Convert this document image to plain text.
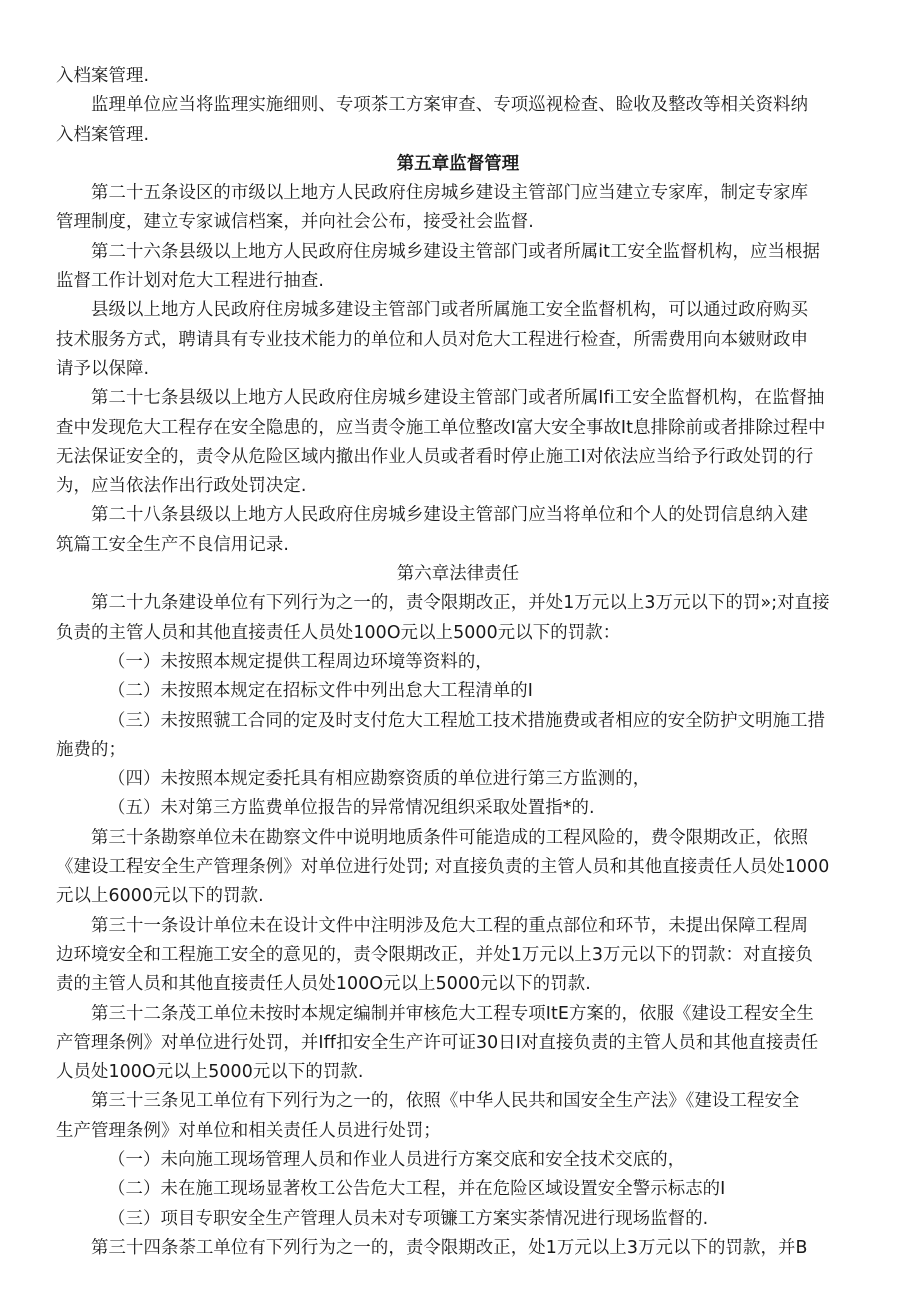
入档案管理.
监理单位应当将监理实施细则、专项茶工方案审查、专项巡视检查、睑收及整改等相关资料纳
入档案管理.
第五章监督管理
第二十五条设区的市级以上地方人民政府住房城乡建设主管部门应当建立专家库，制定专家库
管理制度，建立专家诚信档案，并向社会公布，接受社会监督.
第二十六条县级以上地方人民政府住房城乡建设主管部门或者所属it工安全监督机构，应当根据
监督工作计划对危大工程进行抽查.
县级以上地方人民政府住房城多建设主管部门或者所属施工安全监督机构，可以通过政府购买
技术服务方式，聘请具有专业技术能力的单位和人员对危大工程进行检查，所需费用向本皴财政申
请予以保障.
第二十七条县级以上地方人民政府住房城乡建设主管部门或者所属Ifi工安全监督机构，在监督抽
查中发现危大工程存在安全隐患的，应当责令施工单位整改I富大安全事故It息排除前或者排除过程中
无法保证安全的，责令从危险区域内撤出作业人员或者看时停止施工I对依法应当给予行政处罚的行
为，应当依法作出行政处罚决定.
第二十八条县级以上地方人民政府住房城乡建设主管部门应当将单位和个人的处罚信息纳入建
筑篇工安全生产不良信用记录.
第六章法律责任
第二十九条建设单位有下列行为之一的，责令限期改正，并处1万元以上3万元以下的罚»;对直接
负责的主管人员和其他直接责任人员处100O元以上5000元以下的罚款：
（一）未按照本规定提供工程周边环境等资料的，
（二）未按照本规定在招标文件中列出怠大工程清单的I
（三）未按照虢工合同的定及时支付危大工程尬工技术措施费或者相应的安全防护文明施工措
施费的；
（四）未按照本规定委托具有相应勘察资质的单位进行第三方监测的，
（五）未对第三方监费单位报告的异常情况组织采取处置指*的.
第三十条勘察单位未在勘察文件中说明地质条件可能造成的工程风险的，费令限期改正，依照
《建设工程安全生产管理条例》对单位进行处罚; 对直接负责的主管人员和其他直接责任人员处1000
元以上6000元以下的罚款.
第三十一条设计单位未在设计文件中注明涉及危大工程的重点部位和环节，未提出保障工程周
边环境安全和工程施工安全的意见的，责令限期改正，并处1万元以上3万元以下的罚款：对直接负
责的主管人员和其他直接责任人员处100O元以上5000元以下的罚款.
第三十二条茂工单位未按时本规定编制并审核危大工程专项ItE方案的，依服《建设工程安全生
产管理条例》对单位进行处罚，并Iff扣安全生产许可证30日I对直接负责的主管人员和其他直接责任
人员处100O元以上5000元以下的罚款.
第三十三条见工单位有下列行为之一的，依照《中华人民共和国安全生产法》《建设工程安全
生产管理条例》对单位和相关责任人员进行处罚；
（一）未向施工现场管理人员和作业人员进行方案交底和安全技术交底的，
（二）未在施工现场显著枚工公告危大工程，并在危险区域设置安全警示标志的I
（三）项目专职安全生产管理人员未对专项镰工方案实荼情况进行现场监督的.
第三十四条荼工单位有下列行为之一的，责令限期改正，处1万元以上3万元以下的罚款，并B
